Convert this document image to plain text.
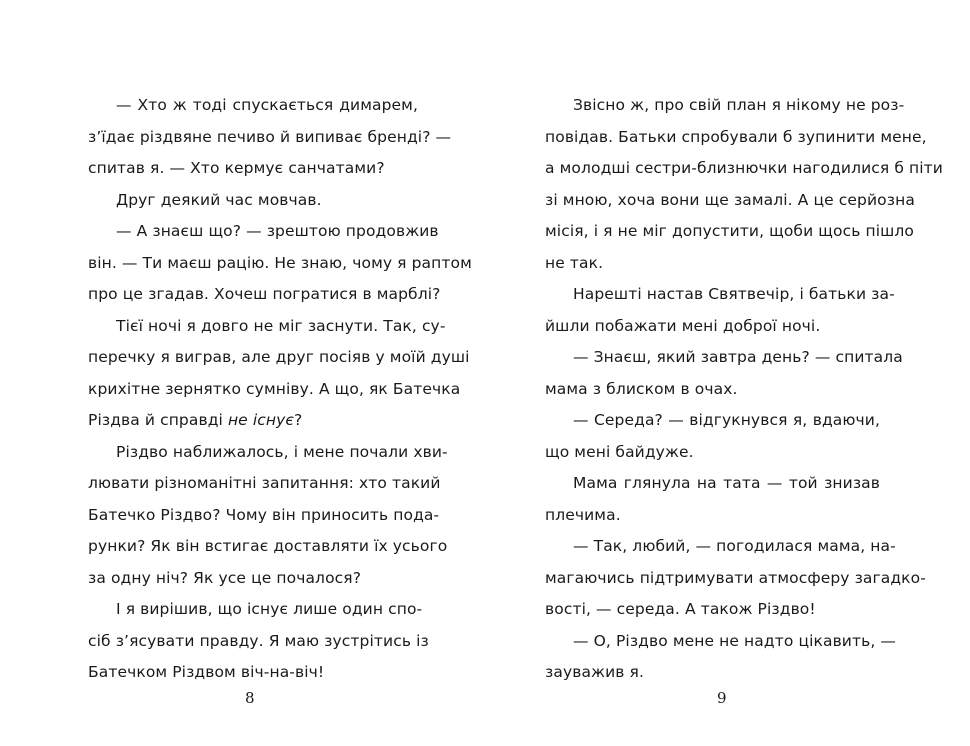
— Хто ж тоді спускається димарем,
з’їдає різдвяне печиво й випиває бренді? —
спитав я. — Хто кермує санчатами?

Друг деякий час мовчав.

— А знаєш що? — зрештою продовжив
він. — Ти маєш рацію. Не знаю, чому я раптом
про це згадав. Хочеш погратися в марблі?

Тієї ночі я довго не міг заснути. Так, су-
перечку я виграв, але друг посіяв у моїй душі
крихітне зернятко сумніву. А що, як Батечка
Різдва й справді не існує?

Різдво наближалось, і мене почали хви-
лювати різноманітні запитання: хто такий
Батечко Різдво? Чому він приносить пода-
рунки? Як він встигає доставляти їх усього
за одну ніч? Як усе це почалося?

І я вирішив, що існує лише один спо-
сіб з’ясувати правду. Я маю зустрітись із
Батечком Різдвом віч-на-віч!

Звісно ж, про свій план я нікому не роз-
повідав. Батьки спробували б зупинити мене,
а молодші сестри-близнючки нагодилися б піти
зі мною, хоча вони ще замалі. А це серйозна
місія, і я не міг допустити, щоби щось пішло
не так.

Нарешті настав Святвечір, і батьки за-
йшли побажати мені доброї ночі.

— Знаєш, який завтра день? — спитала
мама з блиском в очах.

— Середа? — відгукнувся я, вдаючи,
що мені байдуже.

Мама глянула на тата — той знизав
плечима.

— Так, любий, — погодилася мама, на-
магаючись підтримувати атмосферу загадко-
вості, — середа. А також Різдво!

— О, Різдво мене не надто цікавить, —
зауважив я.

8	9
